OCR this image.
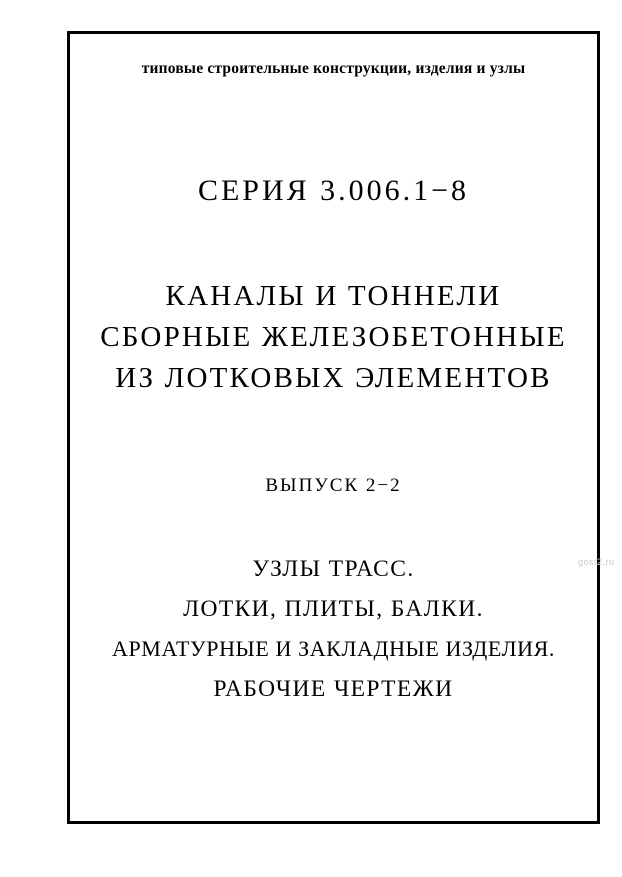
типовые строительные конструкции, изделия и узлы
СЕРИЯ 3.006.1−8
КАНАЛЫ И ТОННЕЛИ
СБОРНЫЕ ЖЕЛЕЗОБЕТОННЫЕ
ИЗ ЛОТКОВЫХ ЭЛЕМЕНТОВ
ВЫПУСК 2−2
УЗЛЫ ТРАСС.
ЛОТКИ, ПЛИТЫ, БАЛКИ.
АРМАТУРНЫЕ И ЗАКЛАДНЫЕ ИЗДЕЛИЯ.
РАБОЧИЕ ЧЕРТЕЖИ
gost2.ru
